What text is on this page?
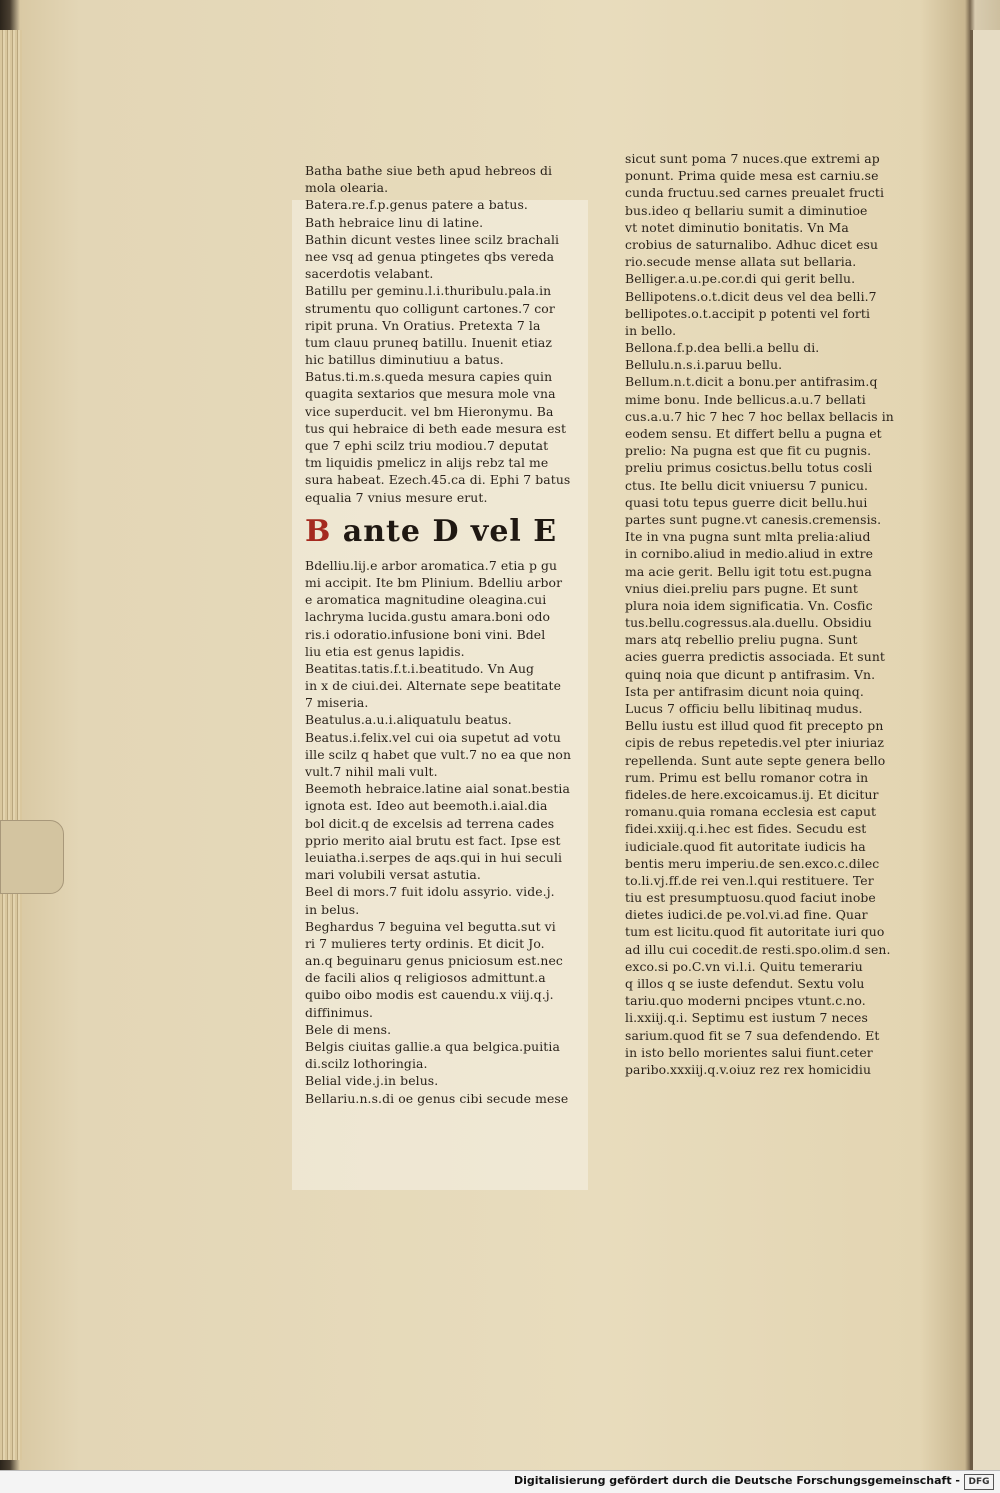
Batha bathe siue beth apud hebreos di
mola olearia.
Batera.re.f.p.genus patere a batus.
Bath hebraice linu di latine.
Bathin dicunt vestes linee scilz brachali
nee vsq ad genua ptingetes qbs vereda
sacerdotis velabant.
Batillu per geminu.l.i.thuribulu.pala.in
strumentu quo colligunt cartones.7 cor
ripit pruna. Vn Oratius. Pretexta 7 la
tum clauu pruneq batillu. Inuenit etiaz
hic batillus diminutiuu a batus.
Batus.ti.m.s.queda mesura capies quin
quagita sextarios que mesura mole vna
vice superducit. vel bm Hieronymu. Ba
tus qui hebraice di beth eade mesura est
que 7 ephi scilz triu modiou.7 deputat
tm liquidis pmelicz in alijs rebz tal me
sura habeat. Ezech.45.ca di. Ephi 7 batus
equalia 7 vnius mesure erut.
B ante D vel E
Bdelliu.lij.e arbor aromatica.7 etia p gu
mi accipit. Ite bm Plinium. Bdelliu arbor
e aromatica magnitudine oleagina.cui
lachryma lucida.gustu amara.boni odo
ris.i odoratio.infusione boni vini. Bdel
liu etia est genus lapidis.
Beatitas.tatis.f.t.i.beatitudo. Vn Aug
in x de ciui.dei. Alternate sepe beatitate
7 miseria.
Beatulus.a.u.i.aliquatulu beatus.
Beatus.i.felix.vel cui oia supetut ad votu
ille scilz q habet que vult.7 no ea que non
vult.7 nihil mali vult.
Beemoth hebraice.latine aial sonat.bestia
ignota est. Ideo aut beemoth.i.aial.dia
bol dicit.q de excelsis ad terrena cades
pprio merito aial brutu est fact. Ipse est
leuiatha.i.serpes de aqs.qui in hui seculi
mari volubili versat astutia.
Beel di mors.7 fuit idolu assyrio. vide.j.
in belus.
Beghardus 7 beguina vel begutta.sut vi
ri 7 mulieres terty ordinis. Et dicit Jo.
an.q beguinaru genus pniciosum est.nec
de facili alios q religiosos admittunt.a
quibo oibo modis est cauendu.x viij.q.j.
diffinimus.
Bele di mens.
Belgis ciuitas gallie.a qua belgica.puitia
di.scilz lothoringia.
Belial vide.j.in belus.
Bellariu.n.s.di oe genus cibi secude mese
sicut sunt poma 7 nuces.que extremi ap
ponunt. Prima quide mesa est carniu.se
cunda fructuu.sed carnes preualet fructi
bus.ideo q bellariu sumit a diminutioe
vt notet diminutio bonitatis. Vn Ma
crobius de saturnalibo. Adhuc dicet esu
rio.secude mense allata sut bellaria.
Belliger.a.u.pe.cor.di qui gerit bellu.
Bellipotens.o.t.dicit deus vel dea belli.7
bellipotes.o.t.accipit p potenti vel forti
in bello.
Bellona.f.p.dea belli.a bellu di.
Bellulu.n.s.i.paruu bellu.
Bellum.n.t.dicit a bonu.per antifrasim.q
mime bonu. Inde bellicus.a.u.7 bellati
cus.a.u.7 hic 7 hec 7 hoc bellax bellacis in
eodem sensu. Et differt bellu a pugna et
prelio: Na pugna est que fit cu pugnis.
preliu primus cosictus.bellu totus cosli
ctus. Ite bellu dicit vniuersu 7 punicu.
quasi totu tepus guerre dicit bellu.hui
partes sunt pugne.vt canesis.cremensis.
Ite in vna pugna sunt mlta prelia:aliud
in cornibo.aliud in medio.aliud in extre
ma acie gerit. Bellu igit totu est.pugna
vnius diei.preliu pars pugne. Et sunt
plura noia idem significatia. Vn. Cosfic
tus.bellu.cogressus.ala.duellu. Obsidiu
mars atq rebellio preliu pugna. Sunt
acies guerra predictis associada. Et sunt
quinq noia que dicunt p antifrasim. Vn.
Ista per antifrasim dicunt noia quinq.
Lucus 7 officiu bellu libitinaq mudus.
Bellu iustu est illud quod fit precepto pn
cipis de rebus repetedis.vel pter iniuriaz
repellenda. Sunt aute septe genera bello
rum. Primu est bellu romanor cotra in
fideles.de here.excoicamus.ij. Et dicitur
romanu.quia romana ecclesia est caput
fidei.xxiij.q.i.hec est fides. Secudu est
iudiciale.quod fit autoritate iudicis ha
bentis meru imperiu.de sen.exco.c.dilec
to.li.vj.ff.de rei ven.l.qui restituere. Ter
tiu est presumptuosu.quod faciut inobe
dietes iudici.de pe.vol.vi.ad fine. Quar
tum est licitu.quod fit autoritate iuri quo
ad illu cui cocedit.de resti.spo.olim.d sen.
exco.si po.C.vn vi.l.i. Quitu temerariu
q illos q se iuste defendut. Sextu volu
tariu.quo moderni pncipes vtunt.c.no.
li.xxiij.q.i. Septimu est iustum 7 neces
sarium.quod fit se 7 sua defendendo. Et
in isto bello morientes salui fiunt.ceter
paribo.xxxiij.q.v.oiuz rez rex homicidiu
Digitalisierung gefördert durch die Deutsche Forschungsgemeinschaft - DFG
